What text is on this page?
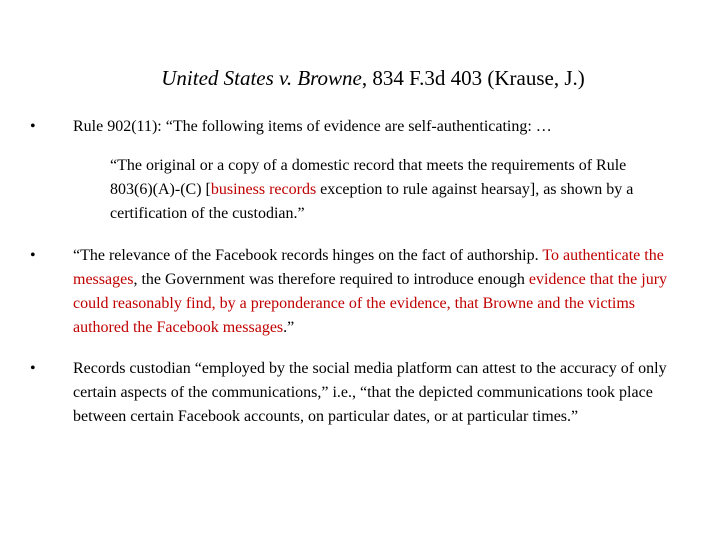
United States v. Browne, 834 F.3d 403 (Krause, J.)
• Rule 902(11): “The following items of evidence are self-authenticating: …
“The original or a copy of a domestic record that meets the requirements of Rule 803(6)(A)-(C) [business records exception to rule against hearsay], as shown by a certification of the custodian.”
• “The relevance of the Facebook records hinges on the fact of authorship. To authenticate the messages, the Government was therefore required to introduce enough evidence that the jury could reasonably find, by a preponderance of the evidence, that Browne and the victims authored the Facebook messages.”
• Records custodian “employed by the social media platform can attest to the accuracy of only certain aspects of the communications,” i.e., “that the depicted communications took place between certain Facebook accounts, on particular dates, or at particular times.”
